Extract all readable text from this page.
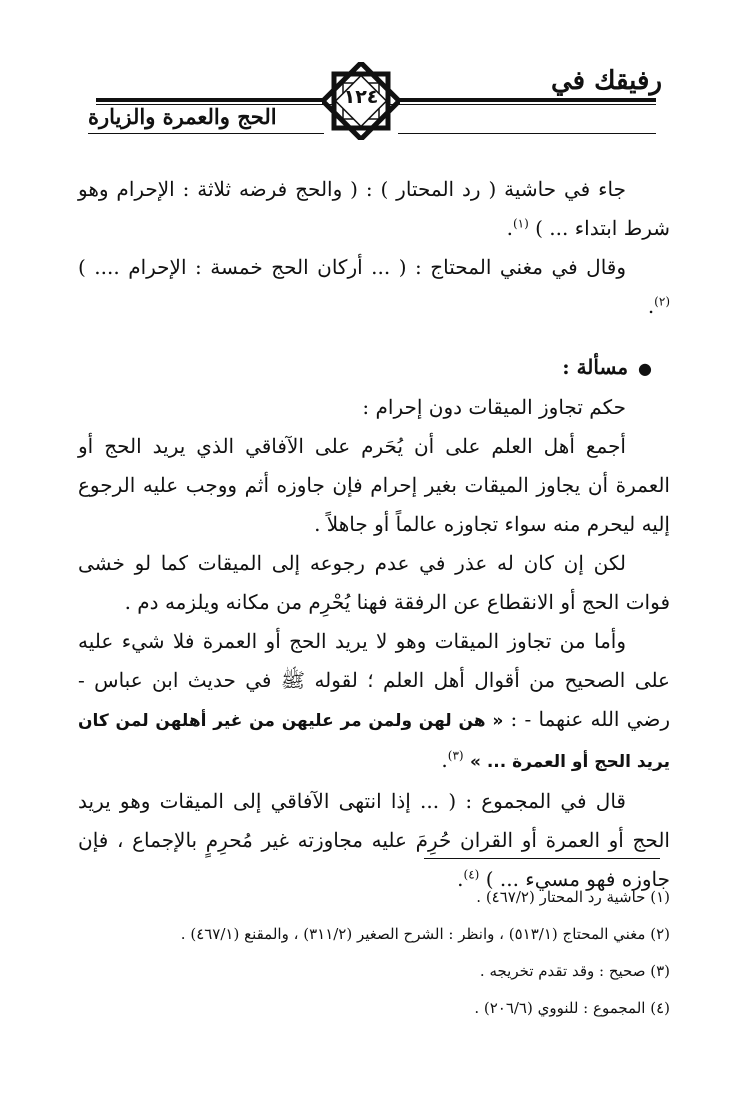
رفيقك في
١٢٤
الحج والعمرة والزيارة

جاء في حاشية ( رد المحتار ) : ( والحج فرضه ثلاثة : الإحرام وهو شرط ابتداء ... ) $^{(١)}$.

وقال في مغني المحتاج : ( ... أركان الحج خمسة : الإحرام .... ) $^{(٢)}$.

●مسألة :

حكم تجاوز الميقات دون إحرام :

أجمع أهل العلم على أن يُحَرم على الآفاقي الذي يريد الحج أو العمرة أن يجاوز الميقات بغير إحرام فإن جاوزه أثم ووجب عليه الرجوع إليه ليحرم منه سواء تجاوزه عالماً أو جاهلاً .

لكن إن كان له عذر في عدم رجوعه إلى الميقات كما لو خشى فوات الحج أو الانقطاع عن الرفقة فهنا يُحْرِم من مكانه ويلزمه دم .

وأما من تجاوز الميقات وهو لا يريد الحج أو العمرة فلا شيء عليه على الصحيح من أقوال أهل العلم ؛ لقوله ﷺ في حديث ابن عباس - رضي الله عنهما - : « هن لهن ولمن مر عليهن من غير أهلهن لمن كان يريد الحج أو العمرة ... » $^{(٣)}$.

قال في المجموع : ( ... إذا انتهى الآفاقي إلى الميقات وهو يريد الحج أو العمرة أو القران حُرِمَ عليه مجاوزته غير مُحرِمٍ بالإجماع ، فإن جاوزه فهو مسيء ... ) $^{(٤)}$.

(١) حاشية رد المحتار (٤٦٧/٢) .

(٢) مغني المحتاج (٥١٣/١) ، وانظر : الشرح الصغير (٣١١/٢) ، والمقنع (٤٦٧/١) .

(٣) صحيح : وقد تقدم تخريجه .

(٤) المجموع : للنووي (٢٠٦/٦) .
